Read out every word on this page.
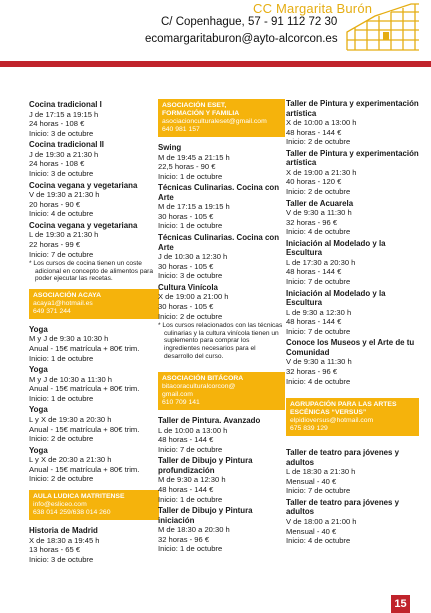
CC Margarita Burón
C/ Copenhague, 57 - 91 112 72 30
ecomargaritaburon@ayto-alcorcon.es
Cocina tradicional I
J de 17:15 a 19:15 h
24 horas - 108 €
Inicio: 3 de octubre
Cocina tradicional II
J de 19:30 a 21:30 h
24 horas - 108 €
Inicio: 3 de octubre
Cocina vegana y vegetariana
V de 19:30 a 21:30 h
20 horas - 90 €
Inicio: 4 de octubre
Cocina vegana y vegetariana
L de 19:30 a 21:30 h
22 horas - 99 €
Inicio: 7 de octubre
* Los cursos de cocina tienen un coste adicional en concepto de alimentos para poder ejecutar las recetas.
ASOCIACIÓN ACAYA
acaya1@hotmail.es
649 371 244
Yoga
M y J de 9:30 a 10:30 h
Anual - 15€ matrícula + 80€ trim.
Inicio: 1 de octubre
Yoga
M y J de 10:30 a 11:30 h
Anual - 15€ matrícula + 80€ trim.
Inicio: 1 de octubre
Yoga
L y X de 19:30 a 20:30 h
Anual - 15€ matrícula + 80€ trim.
Inicio: 2 de octubre
Yoga
L y X de 20:30 a 21:30 h
Anual - 15€ matrícula + 80€ trim.
Inicio: 2 de octubre
AULA LUDICA MATRITENSE
info@esliceo.com
638 014 259/638 014 260
Historia de Madrid
X de 18:30 a 19:45 h
13 horas - 65 €
Inicio: 3 de octubre
ASOCIACIÓN ESET,
FORMACIÓN Y FAMILIA
asociacionculturaleset@gmail.com
640 981 157
Swing
M de 19:45 a 21:15 h
22,5 horas - 90 €
Inicio: 1 de octubre
Técnicas Culinarias. Cocina con Arte
M de 17:15 a 19:15 h
30 horas - 105 €
Inicio: 1 de octubre
Técnicas Culinarias. Cocina con Arte
J de 10:30 a 12:30 h
30 horas - 105 €
Inicio: 3 de octubre
Cultura Vinícola
X de 19:00 a 21:00 h
30 horas - 105 €
Inicio: 2 de octubre
* Los cursos relacionados con las técnicas culinarias y la cultura vinícola tienen un suplemento para comprar los ingredientes necesarios para el desarrollo del curso.
ASOCIACIÓN BITÁCORA
bitacoraculturalcorcon@
gmail.com
610 709 141
Taller de Pintura. Avanzado
L de 10:00 a 13:00 h
48 horas - 144 €
Inicio: 7 de octubre
Taller de Dibujo y Pintura profundización
M de 9:30 a 12:30 h
48 horas - 144 €
Inicio: 1 de octubre
Taller de Dibujo y Pintura iniciación
M de 18:30 a 20:30 h
32 horas - 96 €
Inicio: 1 de octubre
Taller de Pintura y experimentación artística
X de 10:00 a 13:00 h
48 horas - 144 €
Inicio: 2 de octubre
Taller de Pintura y experimentación artística
X de 19:00 a 21:30 h
40 horas - 120 €
Inicio: 2 de octubre
Taller de Acuarela
V de 9:30 a 11:30 h
32 horas - 96 €
Inicio: 4 de octubre
Iniciación al Modelado y la Escultura
L de 17:30 a 20:30 h
48 horas - 144 €
Inicio: 7 de octubre
Iniciación al Modelado y la Escultura
L de 9:30 a 12:30 h
48 horas - 144 €
Inicio: 7 de octubre
Conoce los Museos y el Arte de tu Comunidad
V de 9:30 a 11:30 h
32 horas - 96 €
Inicio: 4 de octubre
AGRUPACIÓN PARA LAS ARTES
ESCÉNICAS “VERSUS”
elpidioversus@hotmail.com
675 839 129
Taller de teatro para jóvenes y adultos
L de 18:30 a 21:30 h
Mensual - 40 €
Inicio: 7 de octubre
Taller de teatro para jóvenes y adultos
V de 18:00 a 21:00 h
Mensual - 40 €
Inicio: 4 de octubre
15
